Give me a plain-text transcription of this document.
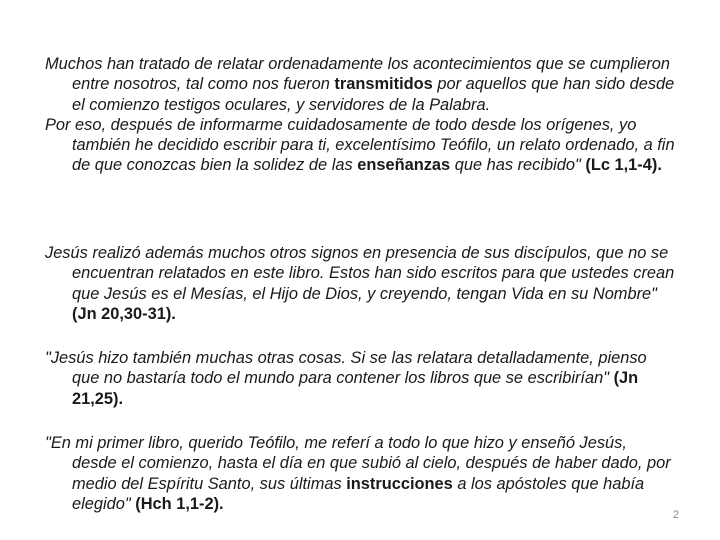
Muchos han tratado de relatar ordenadamente los acontecimientos que se cumplieron entre nosotros, tal como nos fueron transmitidos por aquellos que han sido desde el comienzo testigos oculares, y servidores de la Palabra.

Por eso, después de informarme cuidadosamente de todo desde los orígenes, yo también he decidido escribir para ti, excelentísimo Teófilo, un relato ordenado, a fin de que conozcas bien la solidez de las enseñanzas que has recibido" (Lc 1,1-4).

Jesús realizó además muchos otros signos en presencia de sus discípulos, que no se encuentran relatados en este libro. Estos han sido escritos para que ustedes crean que Jesús es el Mesías, el Hijo de Dios, y creyendo, tengan Vida en su Nombre" (Jn 20,30-31).

"Jesús hizo también muchas otras cosas. Si se las relatara detalladamente, pienso que no bastaría todo el mundo para contener los libros que se escribirían" (Jn 21,25).

"En mi primer libro, querido Teófilo, me referí a todo lo que hizo y enseñó Jesús, desde el comienzo, hasta el día en que subió al cielo, después de haber dado, por medio del Espíritu Santo, sus últimas instrucciones a los apóstoles que había elegido" (Hch 1,1-2).

2
